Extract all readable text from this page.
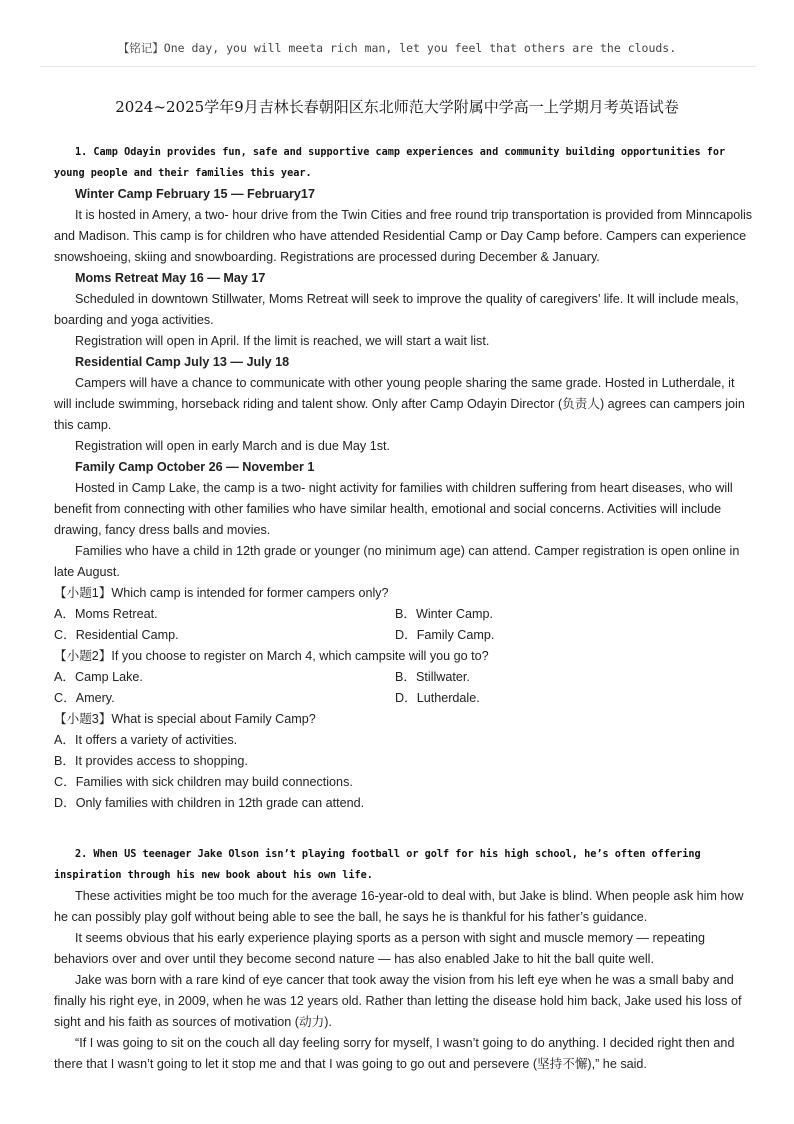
【铭记】One day, you will meeta rich man, let you feel that others are the clouds.
2024~2025学年9月吉林长春朝阳区东北师范大学附属中学高一上学期月考英语试卷

1. Camp Odayin provides fun, safe and supportive camp experiences and community building opportunities for young people and their families this year.

Winter Camp February 15 — February17

It is hosted in Amery, a two- hour drive from the Twin Cities and free round trip transportation is provided from Minncapolis and Madison. This camp is for children who have attended Residential Camp or Day Camp before. Campers can experience snowshoeing, skiing and snowboarding. Registrations are processed during December & January.

Moms Retreat May 16 — May 17

Scheduled in downtown Stillwater, Moms Retreat will seek to improve the quality of caregivers’ life. It will include meals, boarding and yoga activities.

Registration will open in April. If the limit is reached, we will start a wait list.

Residential Camp July 13 — July 18

Campers will have a chance to communicate with other young people sharing the same grade. Hosted in Lutherdale, it will include swimming, horseback riding and talent show. Only after Camp Odayin Director (负责人) agrees can campers join this camp.

Registration will open in early March and is due May 1st.

Family Camp October 26 — November 1

Hosted in Camp Lake, the camp is a two- night activity for families with children suffering from heart diseases, who will benefit from connecting with other families who have similar health, emotional and social concerns. Activities will include drawing, fancy dress balls and movies.

Families who have a child in 12th grade or younger (no minimum age) can attend. Camper registration is open online in late August.

【小题1】Which camp is intended for former campers only?

A．Moms Retreat.	B．Winter Camp.
C．Residential Camp.	D．Family Camp.

【小题2】If you choose to register on March 4, which campsite will you go to?

A．Camp Lake.	B．Stillwater.
C．Amery.	D．Lutherdale.

【小题3】What is special about Family Camp?

A．It offers a variety of activities.

B．It provides access to shopping.

C．Families with sick children may build connections.

D．Only families with children in 12th grade can attend.

2. When US teenager Jake Olson isn’t playing football or golf for his high school, he’s often offering inspiration through his new book about his own life.

These activities might be too much for the average 16-year-old to deal with, but Jake is blind. When people ask him how he can possibly play golf without being able to see the ball, he says he is thankful for his father’s guidance.

It seems obvious that his early experience playing sports as a person with sight and muscle memory — repeating behaviors over and over until they become second nature — has also enabled Jake to hit the ball quite well.

Jake was born with a rare kind of eye cancer that took away the vision from his left eye when he was a small baby and finally his right eye, in 2009, when he was 12 years old. Rather than letting the disease hold him back, Jake used his loss of sight and his faith as sources of motivation (动力).

“If I was going to sit on the couch all day feeling sorry for myself, I wasn’t going to do anything. I decided right then and there that I wasn’t going to let it stop me and that I was going to go out and persevere (坚持不懈),” he said.
